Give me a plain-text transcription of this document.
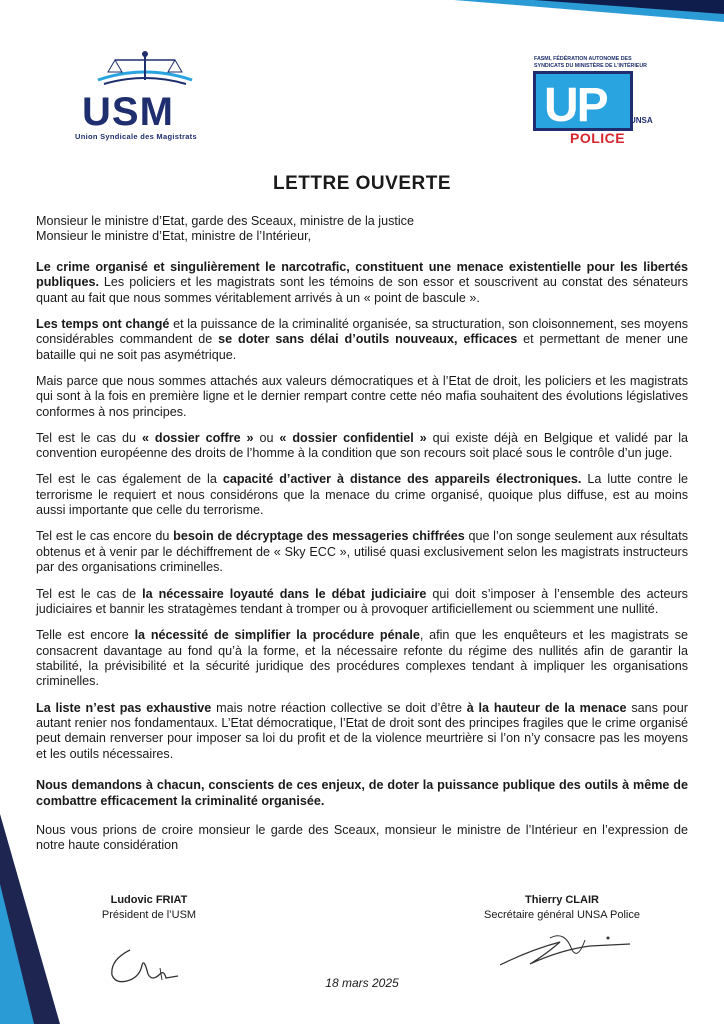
USM
Union Syndicale des Magistrats
FASMI, FÉDÉRATION AUTONOME DES SYNDICATS DU MINISTÈRE DE L'INTÉRIEUR
UP	UNSA
POLICE
LETTRE OUVERTE

Monsieur le ministre d’Etat, garde des Sceaux, ministre de la justice

Monsieur le ministre d’Etat, ministre de l’Intérieur,

Le crime organisé et singulièrement le narcotrafic, constituent une menace existentielle pour les libertés publiques. Les policiers et les magistrats sont les témoins de son essor et souscrivent au constat des sénateurs quant au fait que nous sommes véritablement arrivés à un « point de bascule ».

Les temps ont changé et la puissance de la criminalité organisée, sa structuration, son cloisonnement, ses moyens considérables commandent de se doter sans délai d’outils nouveaux, efficaces et permettant de mener une bataille qui ne soit pas asymétrique.

Mais parce que nous sommes attachés aux valeurs démocratiques et à l’Etat de droit, les policiers et les magistrats qui sont à la fois en première ligne et le dernier rempart contre cette néo mafia souhaitent des évolutions législatives conformes à nos principes.

Tel est le cas du « dossier coffre » ou « dossier confidentiel » qui existe déjà en Belgique et validé par la convention européenne des droits de l’homme à la condition que son recours soit placé sous le contrôle d’un juge.

Tel est le cas également de la capacité d’activer à distance des appareils électroniques. La lutte contre le terrorisme le requiert et nous considérons que la menace du crime organisé, quoique plus diffuse, est au moins aussi importante que celle du terrorisme.

Tel est le cas encore du besoin de décryptage des messageries chiffrées que l’on songe seulement aux résultats obtenus et à venir par le déchiffrement de « Sky ECC », utilisé quasi exclusivement selon les magistrats instructeurs par des organisations criminelles.

Tel est le cas de la nécessaire loyauté dans le débat judiciaire qui doit s’imposer à l’ensemble des acteurs judiciaires et bannir les stratagèmes tendant à tromper ou à provoquer artificiellement ou sciemment une nullité.

Telle est encore la nécessité de simplifier la procédure pénale, afin que les enquêteurs et les magistrats se consacrent davantage au fond qu’à la forme, et la nécessaire refonte du régime des nullités afin de garantir la stabilité, la prévisibilité et la sécurité juridique des procédures complexes tendant à impliquer les organisations criminelles.

La liste n’est pas exhaustive mais notre réaction collective se doit d’être à la hauteur de la menace sans pour autant renier nos fondamentaux. L’Etat démocratique, l’Etat de droit sont des principes fragiles que le crime organisé peut demain renverser pour imposer sa loi du profit et de la violence meurtrière si l’on n’y consacre pas les moyens et les outils nécessaires.

Nous demandons à chacun, conscients de ces enjeux, de doter la puissance publique des outils à même de combattre efficacement la criminalité organisée.

Nous vous prions de croire monsieur le garde des Sceaux, monsieur le ministre de l’Intérieur en l’expression de notre haute considération

Ludovic FRIAT
Président de l’USM
Thierry CLAIR
Secrétaire général UNSA Police
18 mars 2025
